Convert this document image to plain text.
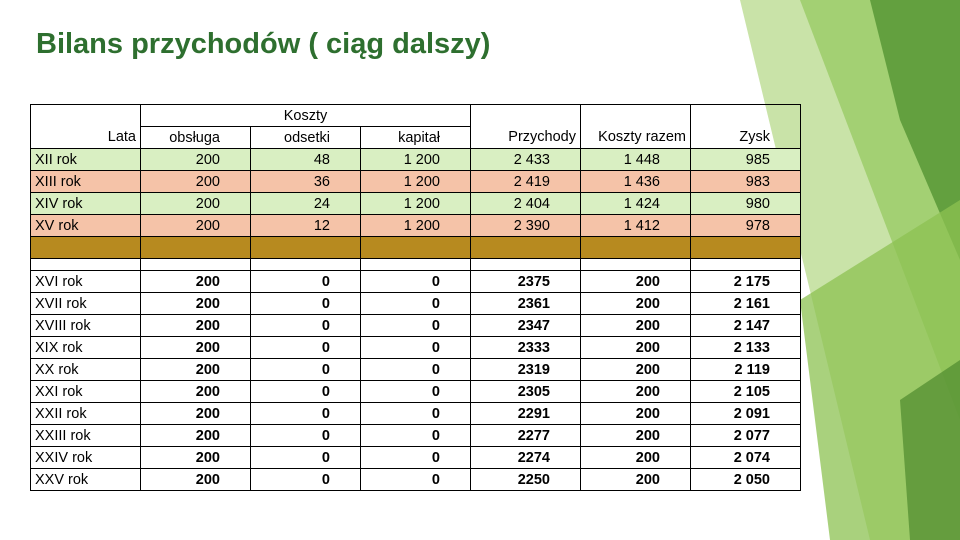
Bilans przychodów ( ciąg dalszy)
	Koszty					
Lata	obsługa	odsetki	kapitał	Przychody	Koszty razem	Zysk
XII rok	200	48	1 200	2 433	1 448	985
XIII rok	200	36	1 200	2 419	1 436	983
XIV rok	200	24	1 200	2 404	1 424	980
XV rok	200	12	1 200	2 390	1 412	978

XVI rok	200	0	0	2375	200	2 175
XVII rok	200	0	0	2361	200	2 161
XVIII rok	200	0	0	2347	200	2 147
XIX rok	200	0	0	2333	200	2 133
XX rok	200	0	0	2319	200	2 119
XXI rok	200	0	0	2305	200	2 105
XXII rok	200	0	0	2291	200	2 091
XXIII rok	200	0	0	2277	200	2 077
XXIV rok	200	0	0	2274	200	2 074
XXV rok	200	0	0	2250	200	2 050
